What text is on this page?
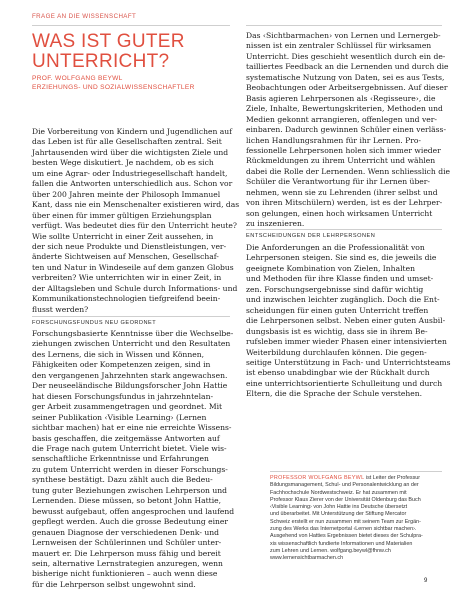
FRAGE AN DIE WISSENSCHAFT
WAS IST GUTER
UNTERRICHT?
PROF. WOLFGANG BEYWL
ERZIEHUNGS- UND SOZIALWISSENSCHAFTLER

Die Vorbereitung von Kindern und Jugendlichen auf

das Leben ist für alle Gesellschaften zentral. Seit

Jahrtausenden wird über die wichtigsten Ziele und

besten Wege diskutiert. Je nachdem, ob es sich

um eine Agrar- oder Industriegesellschaft handelt,

fallen die Antworten unterschiedlich aus. Schon vor

über 200 Jahren meinte der Philosoph Immanuel

Kant, dass nie ein Menschenalter existieren wird, das

über einen für immer gültigen Erziehungsplan

verfügt. Was bedeutet dies für den Unterricht heute?

Wie sollte Unterricht in einer Zeit aussehen, in

der sich neue Produkte und Dienstleistungen, ver-

änderte Sichtweisen auf Menschen, Gesellschaf-

ten und Natur in Windeseile auf dem ganzen Globus

verbreiten? Wie unterrichten wir in einer Zeit, in

der Alltagsleben und Schule durch Informations- und

Kommunikationstechnologien tiefgreifend beein-

flusst werden?

FORSCHUNGSFUNDUS NEU GEORDNET

Forschungsbasierte Kenntnisse über die Wechselbe-

ziehungen zwischen Unterricht und den Resultaten

des Lernens, die sich in Wissen und Können,

Fähigkeiten oder Kompetenzen zeigen, sind in

den vergangenen Jahrzehnten stark angewachsen.

Der neuseeländische Bildungsforscher John Hattie

hat diesen Forschungsfundus in jahrzehntelan-

ger Arbeit zusammengetragen und geordnet. Mit

seiner Publikation ‹Visible Learning› (Lernen

sichtbar machen) hat er eine nie erreichte Wissens-

basis geschaffen, die zeitgemässe Antworten auf

die Frage nach gutem Unterricht bietet. Viele wis-

senschaftliche Erkenntnisse und Erfahrungen

zu gutem Unterricht werden in dieser Forschungs-

synthese bestätigt. Dazu zählt auch die Bedeu-

tung guter Beziehungen zwischen Lehrperson und

Lernenden. Diese müssen, so betont John Hattie,

bewusst aufgebaut, offen angesprochen und laufend

gepflegt werden. Auch die grosse Bedeutung einer

genauen Diagnose der verschiedenen Denk- und

Lernweisen der Schülerinnen und Schüler unter-

mauert er. Die Lehrperson muss fähig und bereit

sein, alternative Lernstrategien anzuregen, wenn

bisherige nicht funktionieren – auch wenn diese

für die Lehrperson selbst ungewohnt sind.

Das ‹Sichtbarmachen› von Lernen und Lernergeb-

nissen ist ein zentraler Schlüssel für wirksamen

Unterricht. Dies geschieht wesentlich durch ein de-

tailliertes Feedback an die Lernenden und durch die

systematische Nutzung von Daten, sei es aus Tests,

Beobachtungen oder Arbeitsergebnissen. Auf dieser

Basis agieren Lehrpersonen als ‹Regisseure›, die

Ziele, Inhalte, Bewertungskriterien, Methoden und

Medien gekonnt arrangieren, offenlegen und ver-

einbaren. Dadurch gewinnen Schüler einen verläss-

lichen Handlungsrahmen für ihr Lernen. Pro-

fessionelle Lehrpersonen holen sich immer wieder

Rückmeldungen zu ihrem Unterricht und wählen

dabei die Rolle der Lernenden. Wenn schliesslich die

Schüler die Verantwortung für ihr Lernen über-

nehmen, wenn sie zu Lehrenden (ihrer selbst und

von ihren Mitschülern) werden, ist es der Lehrper-

son gelungen, einen hoch wirksamen Unterricht

zu inszenieren.

ENTSCHEIDUNGEN DER LEHRPERSONEN

Die Anforderungen an die Professionalität von

Lehrpersonen steigen. Sie sind es, die jeweils die

geeignete Kombination von Zielen, Inhalten

und Methoden für ihre Klasse finden und umset-

zen. Forschungsergebnisse sind dafür wichtig

und inzwischen leichter zugänglich. Doch die Ent-

scheidungen für einen guten Unterricht treffen

die Lehrpersonen selbst. Neben einer guten Ausbil-

dungsbasis ist es wichtig, dass sie in ihrem Be-

rufsleben immer wieder Phasen einer intensivierten

Weiterbildung durchlaufen können. Die gegen-

seitige Unterstützung in Fach- und Unterrichtsteams

ist ebenso unabdingbar wie der Rückhalt durch

eine unterrichtsorientierte Schulleitung und durch

Eltern, die die Sprache der Schule verstehen.

PROFESSOR WOLFGANG BEYWL ist Leiter der Professur

Bildungsmanagement, Schul- und Personalentwicklung an der

Fachhochschule Nordwestschweiz. Er hat zusammen mit

Professor Klaus Zierer von der Universität Oldenburg das Buch

‹Visible Learning› von John Hattie ins Deutsche übersetzt

und überarbeitet. Mit Unterstützung der Stiftung Mercator

Schweiz erstellt er nun zusammen mit seinem Team zur Ergän-

zung des Werks das Internetportal ‹Lernen sichtbar machen›.

Ausgehend von Hatties Ergebnissen bietet dieses der Schulpra-

xis wissenschaftlich fundierte Informationen und Materialien

zum Lehren und Lernen. wolfgang.beywl@fhnw.ch

www.lernensichtbarmachen.ch

9
